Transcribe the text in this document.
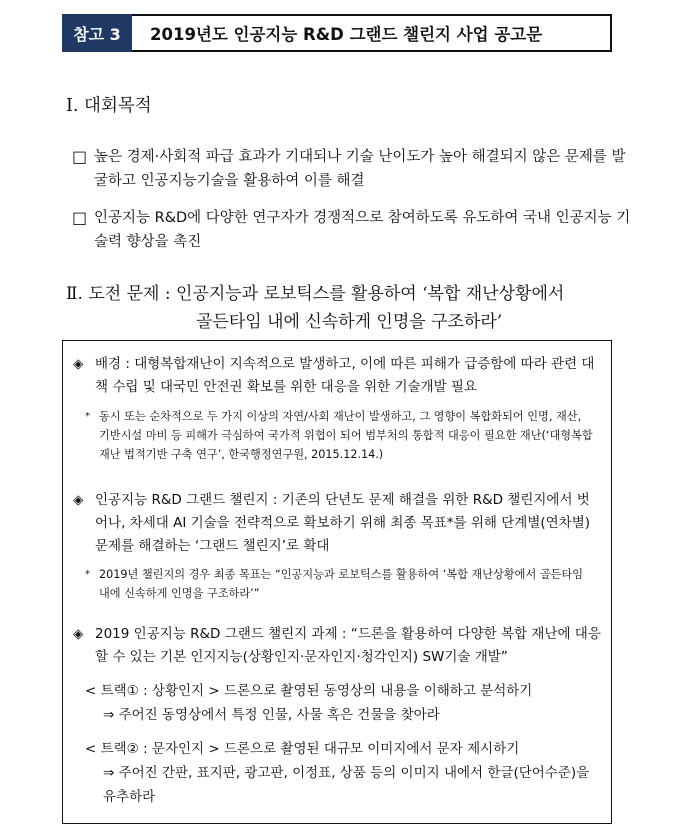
참고 3	2019년도 인공지능 R&D 그랜드 챌린지 사업 공고문
Ⅰ. 대회목적
□ 높은 경제·사회적 파급 효과가 기대되나 기술 난이도가 높아 해결되지 않은 문제를 발굴하고 인공지능기술을 활용하여 이를 해결
□ 인공지능 R&D에 다양한 연구자가 경쟁적으로 참여하도록 유도하여 국내 인공지능 기술력 향상을 촉진
Ⅱ. 도전 문제 : 인공지능과 로보틱스를 활용하여 ‘복합 재난상황에서
골든타임 내에 신속하게 인명을 구조하라’
◈ 배경 : 대형복합재난이 지속적으로 발생하고, 이에 따른 피해가 급증함에 따라 관련 대책 수립 및 대국민 안전권 확보를 위한 대응을 위한 기술개발 필요
* 동시 또는 순차적으로 두 가지 이상의 자연/사회 재난이 발생하고, 그 영향이 복합화되어 인명, 재산, 기반시설 마비 등 피해가 극심하여 국가적 위협이 되어 범부처의 통합적 대응이 필요한 재난(‘대형복합재난 법적기반 구축 연구’, 한국행정연구원, 2015.12.14.)
◈ 인공지능 R&D 그랜드 챌린지 : 기존의 단년도 문제 해결을 위한 R&D 챌린지에서 벗어나, 차세대 AI 기술을 전략적으로 확보하기 위해 최종 목표*를 위해 단계별(연차별) 문제를 해결하는 ‘그랜드 챌린지’로 확대
* 2019년 챌린지의 경우 최종 목표는 “인공지능과 로보틱스를 활용하여 ‘복합 재난상황에서 골든타임 내에 신속하게 인명을 구조하라’”
◈ 2019 인공지능 R&D 그랜드 챌린지 과제 : “드론을 활용하여 다양한 복합 재난에 대응할 수 있는 기본 인지지능(상황인지·문자인지·청각인지) SW기술 개발”
< 트랙① : 상황인지 > 드론으로 촬영된 동영상의 내용을 이해하고 분석하기
⇒ 주어진 동영상에서 특정 인물, 사물 혹은 건물을 찾아라
< 트랙② : 문자인지 > 드론으로 촬영된 대규모 이미지에서 문자 제시하기
⇒ 주어진 간판, 표지판, 광고판, 이정표, 상품 등의 이미지 내에서 한글(단어수준)을 유추하라
